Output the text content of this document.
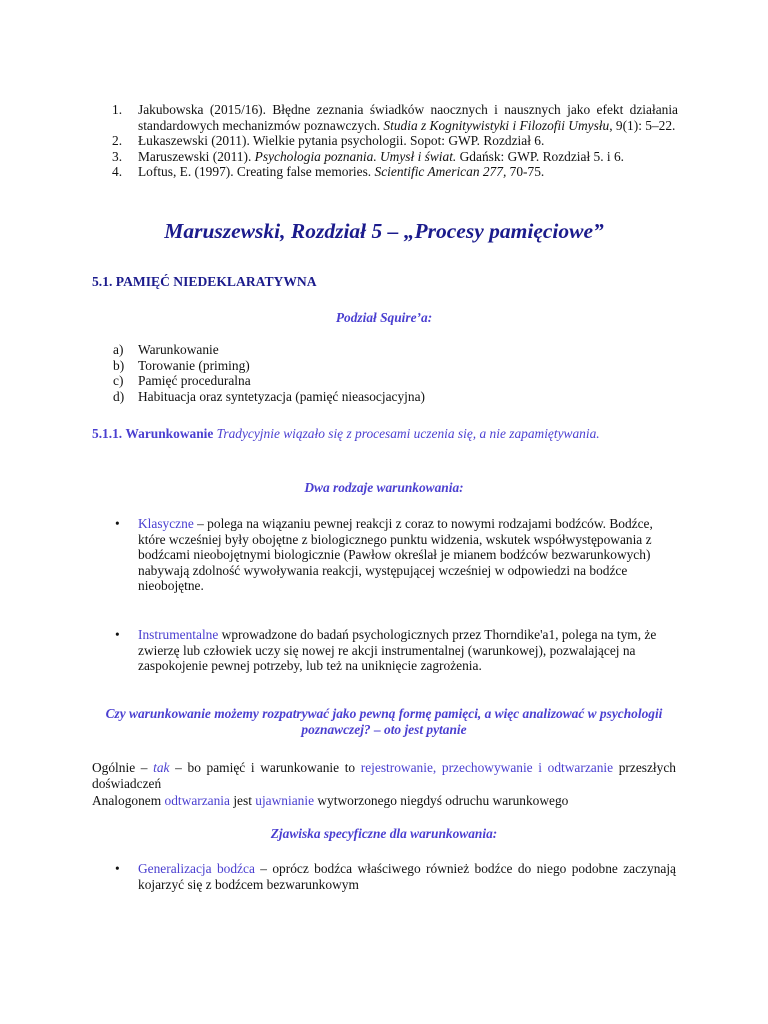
1. Jakubowska (2015/16). Błędne zeznania świadków naocznych i nausznych jako efekt działania standardowych mechanizmów poznawczych. Studia z Kognitywistyki i Filozofii Umysłu, 9(1): 5–22.
2. Łukaszewski (2011). Wielkie pytania psychologii. Sopot: GWP. Rozdział 6.
3. Maruszewski (2011). Psychologia poznania. Umysł i świat. Gdańsk: GWP. Rozdział 5. i 6.
4. Loftus, E. (1997). Creating false memories. Scientific American 277, 70-75.
Maruszewski, Rozdział 5 – „Procesy pamięciowe”
5.1. PAMIĘĆ NIEDEKLARATYWNA
Podział Squire’a:
a) Warunkowanie
b) Torowanie (priming)
c) Pamięć proceduralna
d) Habituacja oraz syntetyzacja (pamięć nieasocjacyjna)
5.1.1. Warunkowanie Tradycyjnie wiązało się z procesami uczenia się, a nie zapamiętywania.
Dwa rodzaje warunkowania:
• Klasyczne – polega na wiązaniu pewnej reakcji z coraz to nowymi rodzajami bodźców. Bodźce, które wcześniej były obojętne z biologicznego punktu widzenia, wskutek współwystępowania z bodźcami nieobojętnymi biologicznie (Pawłow określał je mianem bodźców bezwarunkowych) nabywają zdolność wywoływania reakcji, występującej wcześniej w odpowiedzi na bodźce nieobojętne.
• Instrumentalne wprowadzone do badań psychologicznych przez Thorndike'a1, polega na tym, że zwierzę lub człowiek uczy się nowej re akcji instrumentalnej (warunkowej), pozwalającej na zaspokojenie pewnej potrzeby, lub też na uniknięcie zagrożenia.
Czy warunkowanie możemy rozpatrywać jako pewną formę pamięci, a więc analizować w psychologii poznawczej? – oto jest pytanie
Ogólnie – tak – bo pamięć i warunkowanie to rejestrowanie, przechowywanie i odtwarzanie przeszłych doświadczeń
Analogonem odtwarzania jest ujawnianie wytworzonego niegdyś odruchu warunkowego
Zjawiska specyficzne dla warunkowania:
• Generalizacja bodźca – oprócz bodźca właściwego również bodźce do niego podobne zaczynają kojarzyć się z bodźcem bezwarunkowym
